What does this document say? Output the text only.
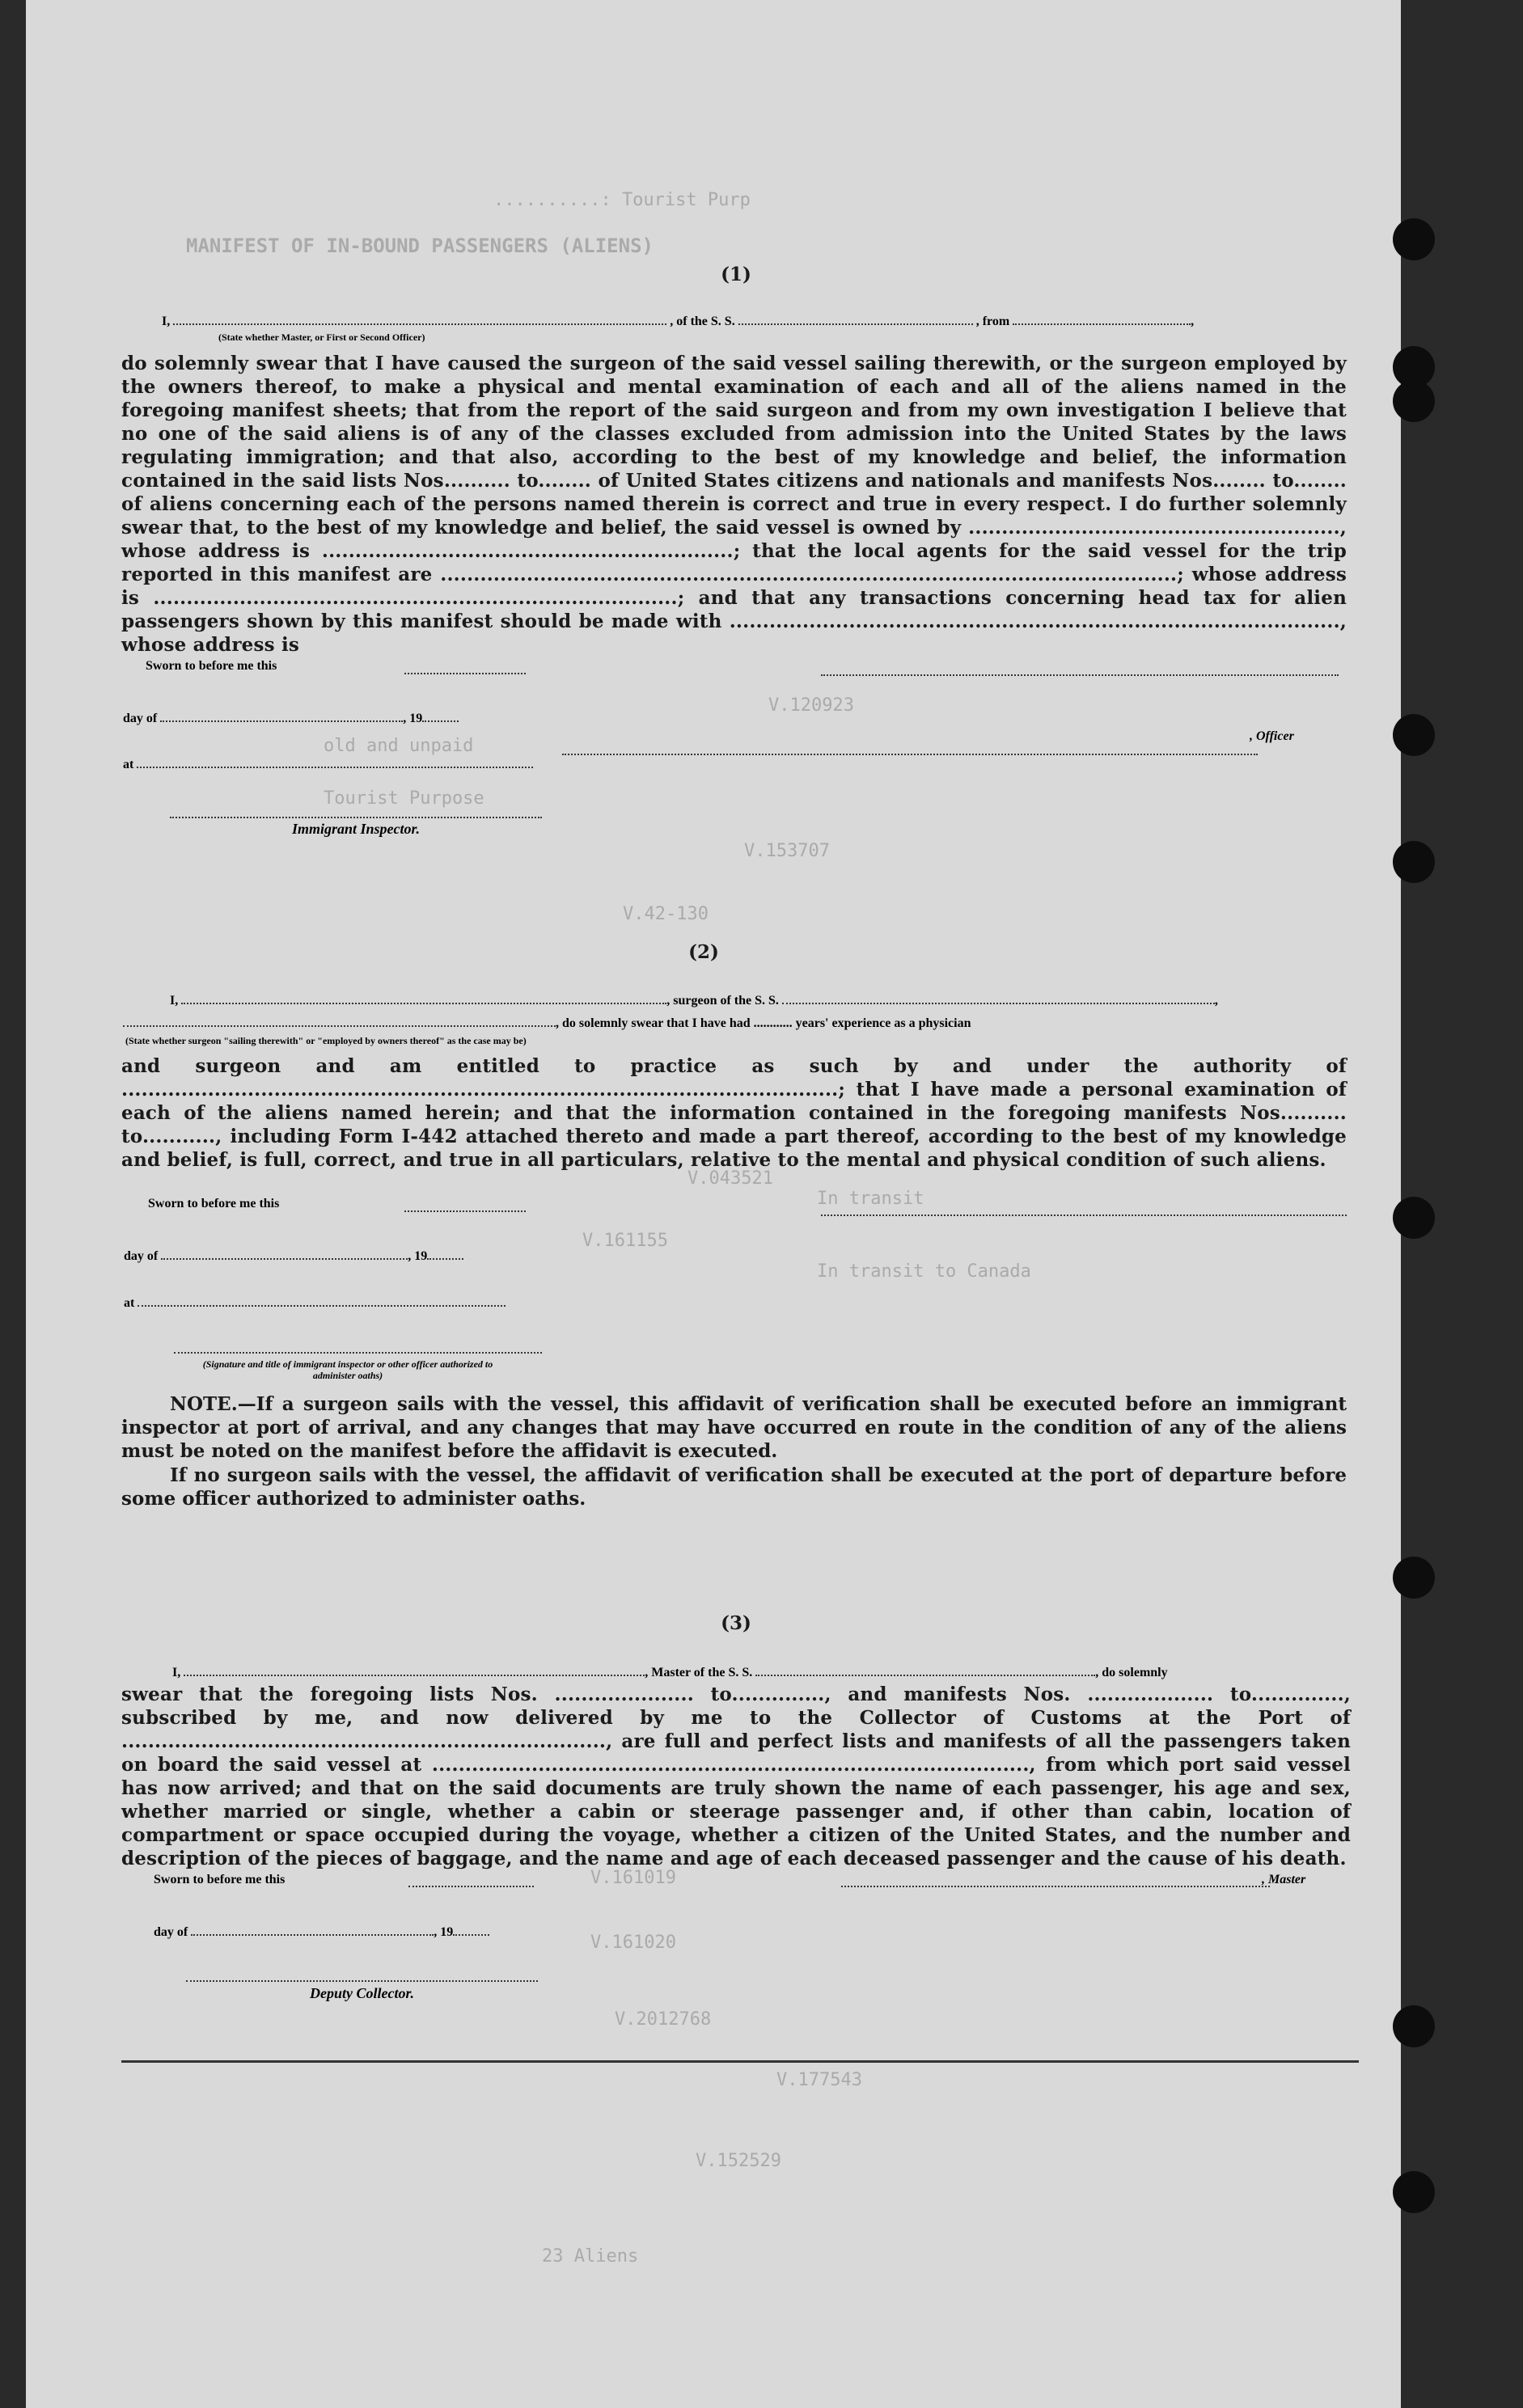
..........: Tourist Purp
MANIFEST OF IN-BOUND PASSENGERS (ALIENS)
V.120923
old and unpaid
Tourist Purpose
V.153707
V.42-130
V.043521
In transit
V.161155
In transit to Canada
V.161019
V.161020
V.2012768
V.177543
V.152529
23 Aliens
(1)
I,	, of the S. S.	, from	,
(State whether Master, or First or Second Officer)
do solemnly swear that I have caused the surgeon of the said vessel sailing therewith, or the surgeon employed by the owners thereof, to make a physical and mental examination of each and all of the aliens named in the foregoing manifest sheets; that from the report of the said surgeon and from my own investigation I believe that no one of the said aliens is of any of the classes excluded from admission into the United States by the laws regulating immigration; and that also, according to the best of my knowledge and belief, the information contained in the said lists Nos.......... to........ of United States citizens and nationals and manifests Nos........ to........ of aliens concerning each of the persons named therein is correct and true in every respect. I do further solemnly swear that, to the best of my knowledge and belief, the said vessel is owned by ........................................................, whose address is ..............................................................; that the local agents for the said vessel for the trip reported in this manifest are ...............................................................................................................; whose address is ...............................................................................; and that any transactions concerning head tax for alien passengers shown by this manifest should be made with ............................................................................................, whose address is
Sworn to before me this
day of	, 19
at
, Officer
Immigrant Inspector.
(2)
I,	, surgeon of the S. S.	,
, do solemnly swear that I have had ............ years' experience as a physician
(State whether surgeon "sailing therewith" or "employed by owners thereof" as the case may be)
and surgeon and am entitled to practice as such by and under the authority of ............................................................................................................; that I have made a personal examination of each of the aliens named herein; and that the information contained in the foregoing manifests Nos.......... to..........., including Form I-442 attached thereto and made a part thereof, according to the best of my knowledge and belief, is full, correct, and true in all particulars, relative to the mental and physical condition of such aliens.
Sworn to before me this
day of	, 19
at
(Signature and title of immigrant inspector or other officer authorized to administer oaths)
NOTE.—If a surgeon sails with the vessel, this affidavit of verification shall be executed before an immigrant inspector at port of arrival, and any changes that may have occurred en route in the condition of any of the aliens must be noted on the manifest before the affidavit is executed.
If no surgeon sails with the vessel, the affidavit of verification shall be executed at the port of departure before some officer authorized to administer oaths.
(3)
I,	, Master of the S. S.	, do solemnly
swear that the foregoing lists Nos. ..................... to.............., and manifests Nos. ................... to.............., subscribed by me, and now delivered by me to the Collector of Customs at the Port of ........................................................................., are full and perfect lists and manifests of all the passengers taken on board the said vessel at .........................................................................................., from which port said vessel has now arrived; and that on the said documents are truly shown the name of each passenger, his age and sex, whether married or single, whether a cabin or steerage passenger and, if other than cabin, location of compartment or space occupied during the voyage, whether a citizen of the United States, and the number and description of the pieces of baggage, and the name and age of each deceased passenger and the cause of his death.
Sworn to before me this	, Master
day of	, 19
Deputy Collector.
